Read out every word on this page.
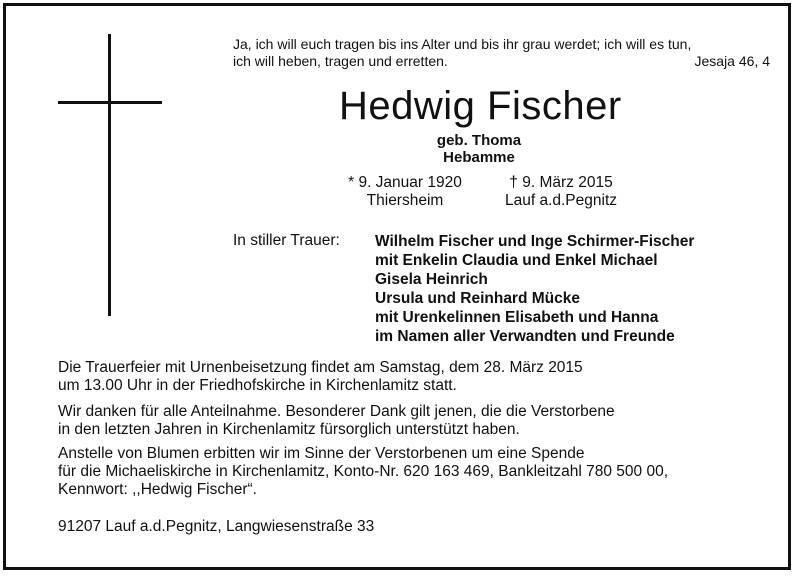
Ja, ich will euch tragen bis ins Alter und bis ihr grau werdet; ich will es tun,
ich will heben, tragen und erretten.	Jesaja 46, 4
Hedwig Fischer
geb. Thoma
Hebamme
* 9. Januar 1920
Thiersheim
† 9. März 2015
Lauf a.d.Pegnitz
In stiller Trauer: Wilhelm Fischer und Inge Schirmer-Fischer
mit Enkelin Claudia und Enkel Michael
Gisela Heinrich
Ursula und Reinhard Mücke
mit Urenkelinnen Elisabeth und Hanna
im Namen aller Verwandten und Freunde
Die Trauerfeier mit Urnenbeisetzung findet am Samstag, dem 28. März 2015
um 13.00 Uhr in der Friedhofskirche in Kirchenlamitz statt.
Wir danken für alle Anteilnahme. Besonderer Dank gilt jenen, die die Verstorbene
in den letzten Jahren in Kirchenlamitz fürsorglich unterstützt haben.
Anstelle von Blumen erbitten wir im Sinne der Verstorbenen um eine Spende
für die Michaeliskirche in Kirchenlamitz, Konto-Nr. 620 163 469, Bankleitzahl 780 500 00,
Kennwort: ,,Hedwig Fischer“.
91207 Lauf a.d.Pegnitz, Langwiesenstraße 33
